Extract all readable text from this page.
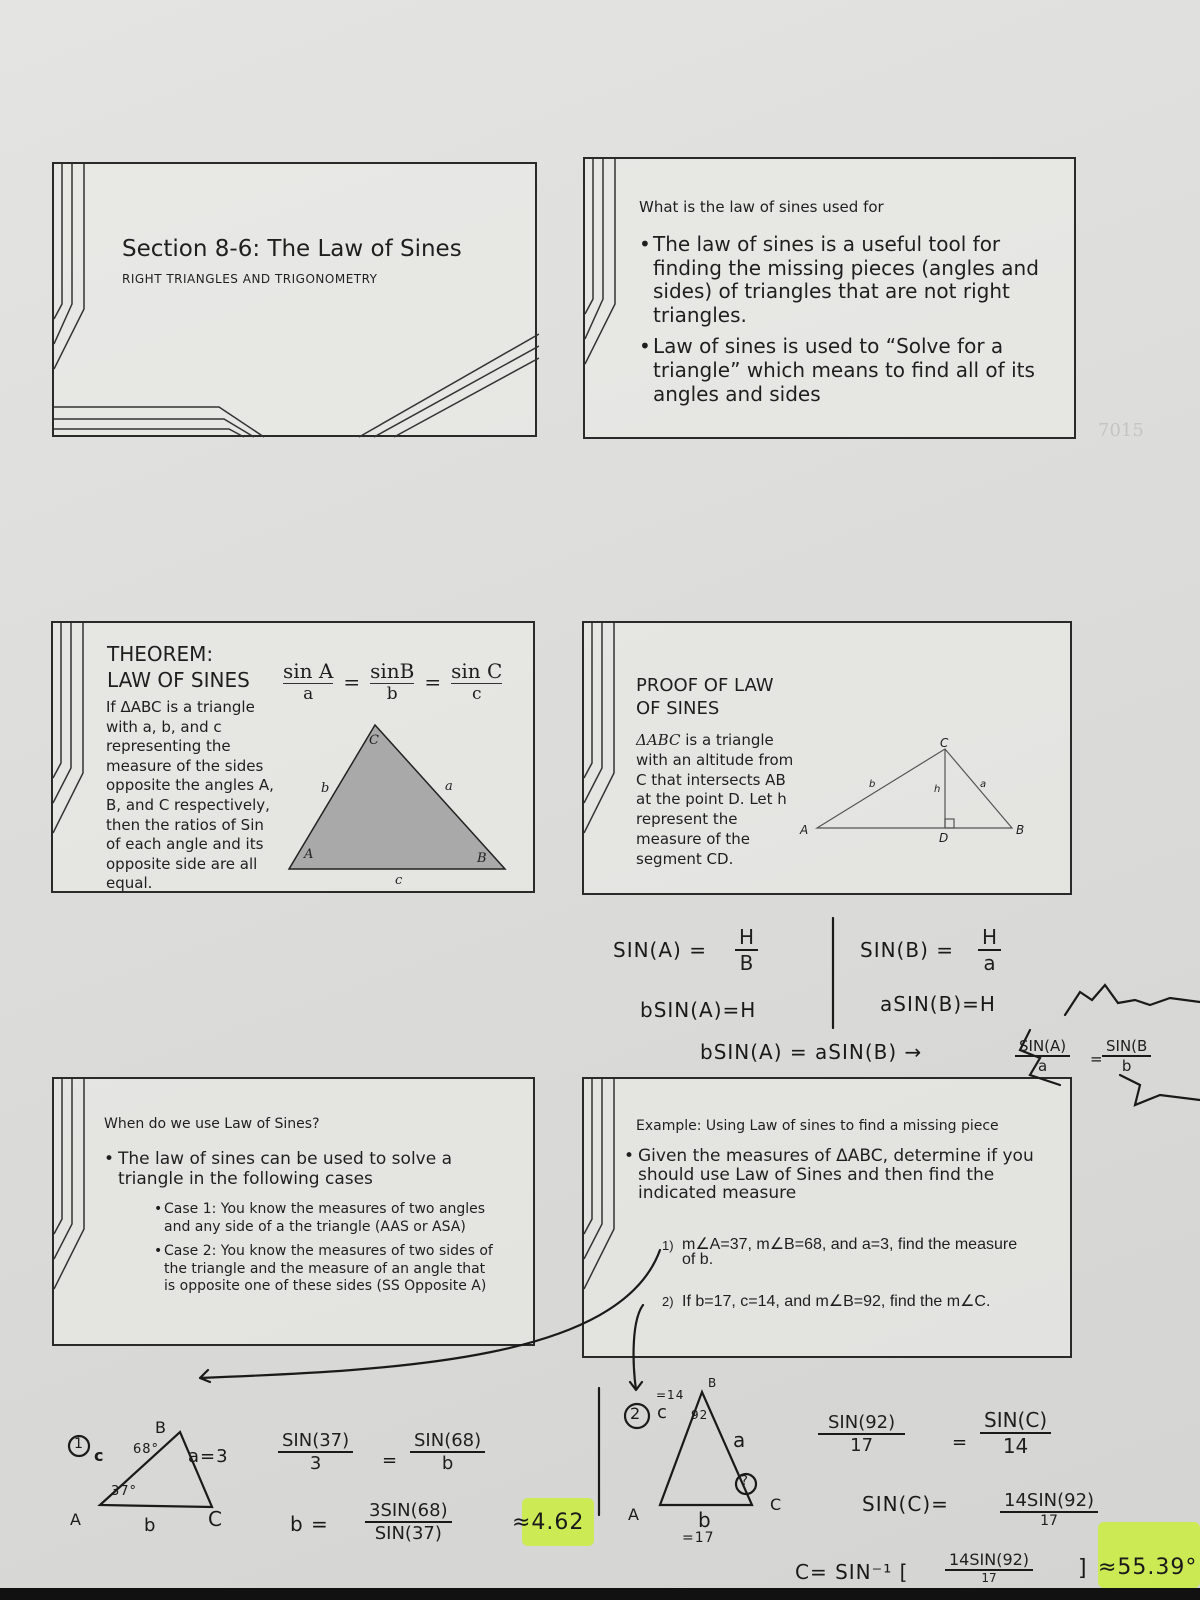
Section 8-6: The Law of Sines
RIGHT TRIANGLES AND TRIGONOMETRY
What is the law of sines used for
• The law of sines is a useful tool for finding the missing pieces (angles and sides) of triangles that are not right triangles.
• Law of sines is used to “Solve for a triangle” which means to find all of its angles and sides
7015
THEOREM:
LAW OF SINES
If ΔABC is a triangle with a, b, and c representing the measure of the sides opposite the angles A, B, and C respectively, then the ratios of Sin of each angle and its opposite side are all equal.
$\frac{\text{sin A}}{a} = \frac{\sin B}{b} = \frac{\text{sin C}}{c}$
C
A	B
b	a
c
PROOF OF LAW
OF SINES
ΔABC is a triangle with an altitude from C that intersects AB at the point D. Let h represent the measure of the segment CD.
C
A	B
D
b	a
h
When do we use Law of Sines?
• The law of sines can be used to solve a triangle in the following cases
• Case 1: You know the measures of two angles and any side of a the triangle (AAS or ASA)
• Case 2: You know the measures of two sides of the triangle and the measure of an angle that is opposite one of these sides (SS Opposite A)
Example: Using Law of sines to find a missing piece
• Given the measures of ΔABC, determine if you should use Law of Sines and then find the indicated measure
1) m∠A=37, m∠B=68, and a=3, find the measure of b.
2) If b=17, c=14, and m∠B=92, find the m∠C.
$SIN(A) = \frac{H}{B}$	$SIN(B) = \frac{H}{a}$
bSIN(A)=H	aSIN(B)=H
bSIN(A) = aSIN(B) →	SIN(A)
a	=
SIN(B
b
1
c
B
68°
37°
a=3
A	b	C
SIN(37)
3	=
SIN(68)
b
b =
3SIN(68)
SIN(37)	≈4.62
2
=14
c
B
92
a
?
A
C
b
=17
SIN(92)
17	=
SIN(C)
14
SIN(C)=	14SIN(92)
17
C= SIN⁻¹ [
14SIN(92)
17	] ≈55.39°
